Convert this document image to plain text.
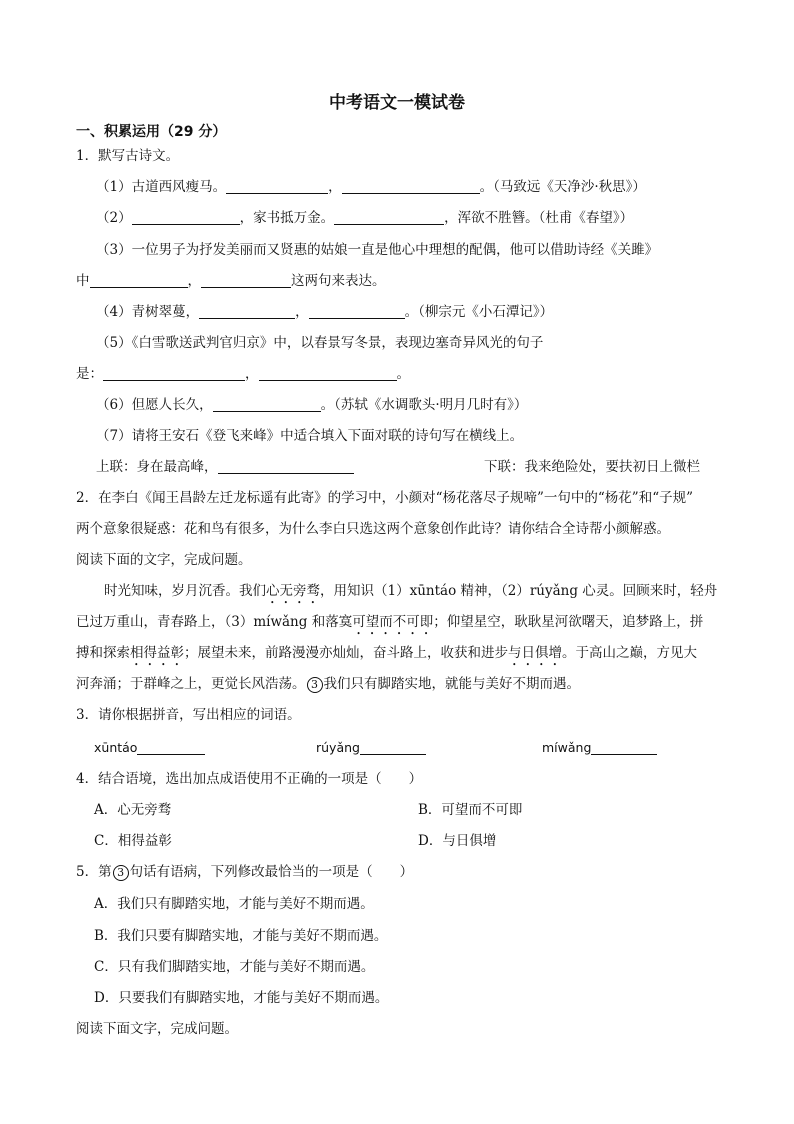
中考语文一模试卷
一、积累运用（29 分）
1．默写古诗文。
（1）古道西风瘦马。	，	。（马致远《天净沙·秋思》）
（2）	，家书抵万金。	，浑欲不胜簪。（杜甫《春望》）
（3）一位男子为抒发美丽而又贤惠的姑娘一直是他心中理想的配偶，他可以借助诗经《关雎》
中	，	这两句来表达。
（4）青树翠蔓，	，	。（柳宗元《小石潭记》）
（5）《白雪歌送武判官归京》中，以春景写冬景，表现边塞奇异风光的句子
是：	，	。
（6）但愿人长久，	。（苏轼《水调歌头·明月几时有》）
（7）请将王安石《登飞来峰》中适合填入下面对联的诗句写在横线上。
上联：身在最高峰，	下联：我来绝险处，要扶初日上微栏
2．在李白《闻王昌龄左迁龙标遥有此寄》的学习中，小颜对“杨花落尽子规啼”一句中的“杨花”和“子规”
两个意象很疑惑：花和鸟有很多，为什么李白只选这两个意象创作此诗？请你结合全诗帮小颜解惑。
阅读下面的文字，完成问题。
时光知味，岁月沉香。我们心无旁骛，用知识（1）xūntáo 精神，（2）rúyǎng 心灵。回顾来时，轻舟
已过万重山，青春路上，（3）míwǎng 和落寞可望而不可即；仰望星空，耿耿星河欲曙天，追梦路上，拼
搏和探索相得益彰；展望未来，前路漫漫亦灿灿，奋斗路上，收获和进步与日俱增。于高山之巅，方见大
河奔涌；于群峰之上，更觉长风浩荡。 3 我们只有脚踏实地，就能与美好不期而遇。
3．请你根据拼音，写出相应的词语。
xūntáo	rúyǎng	míwǎng
4．结合语境，选出加点成语使用不正确的一项是（　　）
A．心无旁骛	B．可望而不可即
C．相得益彰	D．与日俱增
5．第 3 句话有语病，下列修改最恰当的一项是（　　）
A．我们只有脚踏实地，才能与美好不期而遇。
B．我们只要有脚踏实地，才能与美好不期而遇。
C．只有我们脚踏实地，才能与美好不期而遇。
D．只要我们有脚踏实地，才能与美好不期而遇。
阅读下面文字，完成问题。
